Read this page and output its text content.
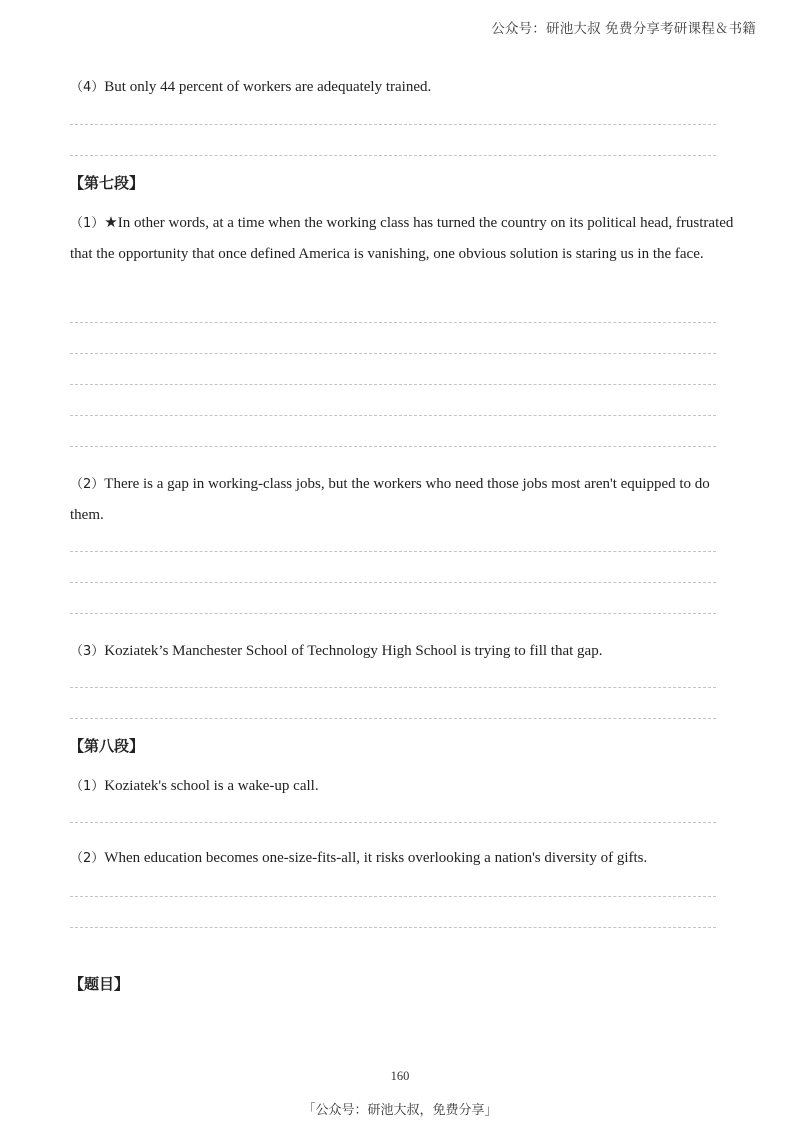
公众号：研池大叔 免费分享考研课程＆书籍
（4）But only 44 percent of workers are adequately trained.
【第七段】
（1）★In other words, at a time when the working class has turned the country on its political head, frustrated that the opportunity that once defined America is vanishing, one obvious solution is staring us in the face.
（2）There is a gap in working-class jobs, but the workers who need those jobs most aren't equipped to do them.
（3）Koziatek’s Manchester School of Technology High School is trying to fill that gap.
【第八段】
（1）Koziatek's school is a wake-up call.
（2）When education becomes one-size-fits-all, it risks overlooking a nation's diversity of gifts.
【题目】
160
「公众号：研池大叔，免费分享」
